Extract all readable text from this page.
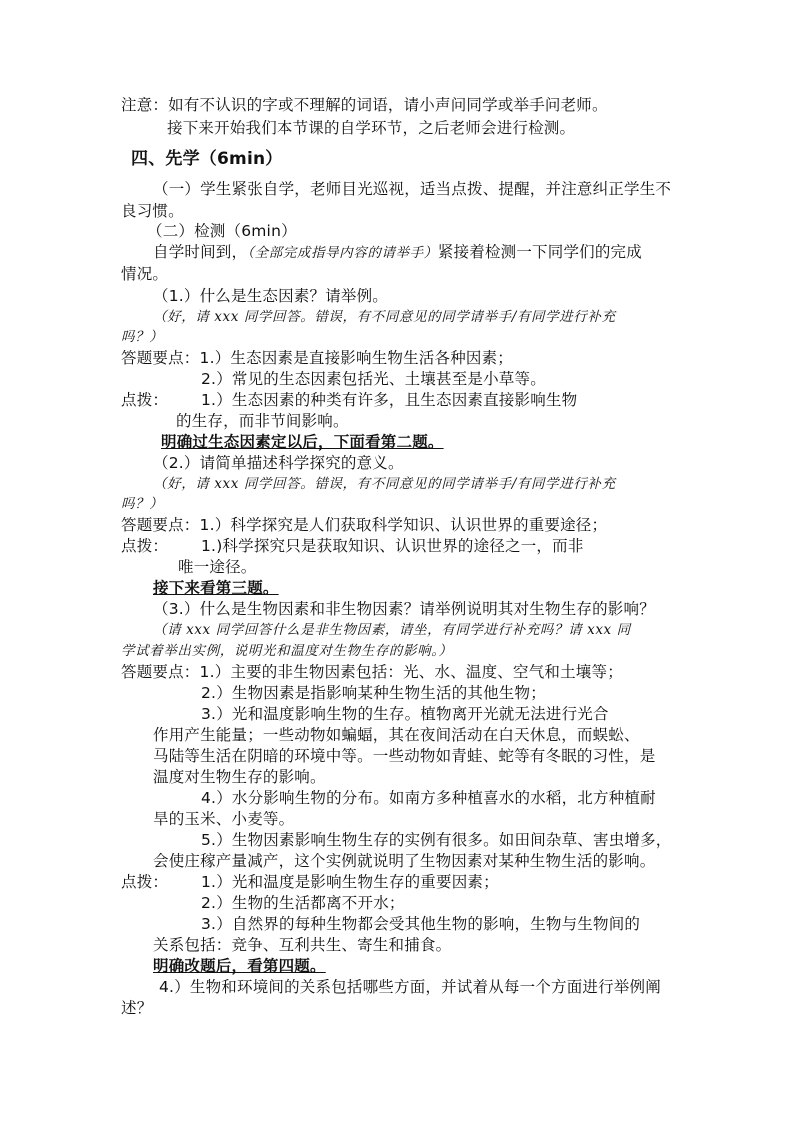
注意：如有不认识的字或不理解的词语，请小声问同学或举手问老师。
接下来开始我们本节课的自学环节，之后老师会进行检测。
四、先学（6min）
（一）学生紧张自学，老师目光巡视，适当点拨、提醒，并注意纠正学生不
良习惯。
（二）检测（6min）
自学时间到，（全部完成指导内容的请举手）紧接着检测一下同学们的完成
情况。
（1.）什么是生态因素？请举例。
（好，请 xxx 同学回答。错误，有不同意见的同学请举手/有同学进行补充
吗？）
答题要点：1.）生态因素是直接影响生物生活各种因素；
2.）常见的生态因素包括光、土壤甚至是小草等。
点拨： 1.）生态因素的种类有许多，且生态因素直接影响生物
的生存，而非节间影响。
明确过生态因素定以后，下面看第二题。
（2.）请简单描述科学探究的意义。
（好，请 xxx 同学回答。错误，有不同意见的同学请举手/有同学进行补充
吗？）
答题要点：1.）科学探究是人们获取科学知识、认识世界的重要途径；
点拨： 1.)科学探究只是获取知识、认识世界的途径之一，而非
唯一途径。
接下来看第三题。
（3.）什么是生物因素和非生物因素？请举例说明其对生物生存的影响？
（请 xxx 同学回答什么是非生物因素，请坐，有同学进行补充吗？请 xxx 同
学试着举出实例，说明光和温度对生物生存的影响。）
答题要点：1.）主要的非生物因素包括：光、水、温度、空气和土壤等；
2.）生物因素是指影响某种生物生活的其他生物；
3.）光和温度影响生物的生存。植物离开光就无法进行光合
作用产生能量；一些动物如蝙蝠，其在夜间活动在白天休息，而蜈蚣、
马陆等生活在阴暗的环境中等。一些动物如青蛙、蛇等有冬眠的习性，是
温度对生物生存的影响。
4.）水分影响生物的分布。如南方多种植喜水的水稻，北方种植耐
旱的玉米、小麦等。
5.）生物因素影响生物生存的实例有很多。如田间杂草、害虫增多，
会使庄稼产量减产，这个实例就说明了生物因素对某种生物生活的影响。
点拨： 1.）光和温度是影响生物生存的重要因素；
2.）生物的生活都离不开水；
3.）自然界的每种生物都会受其他生物的影响，生物与生物间的
关系包括：竞争、互利共生、寄生和捕食。
明确改题后，看第四题。
4.）生物和环境间的关系包括哪些方面，并试着从每一个方面进行举例阐
述？
